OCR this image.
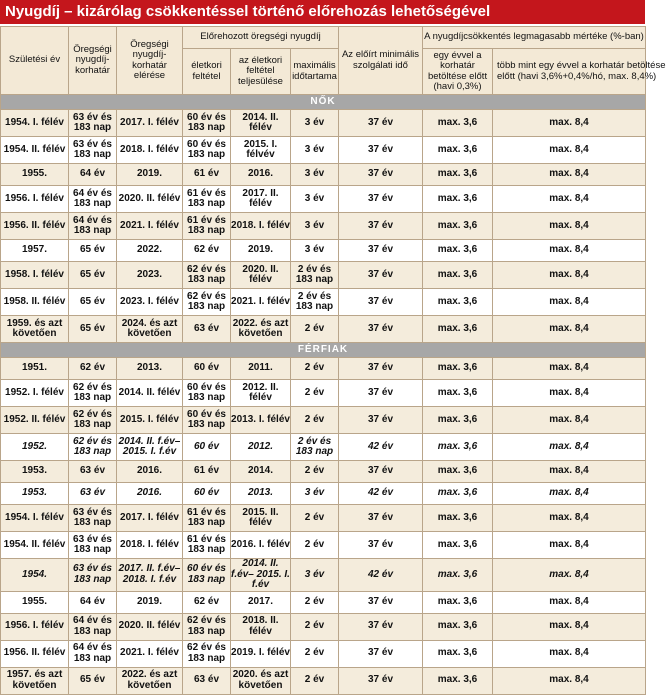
Nyugdíj – kizárólag csökkentéssel történő előrehozás lehetőségével
Születési év	Öregségi nyugdíj-korhatár	Öregségi nyugdíj-korhatár elérése	Előrehozott öregségi nyugdíj			Az előírt minimális szolgálati idő	A nyugdíjcsökkentés legmagasabb mértéke (%-ban)	
			életkori feltétel	az életkori feltétel teljesülése	maximális időtartama		egy évvel a korhatár betöltése előtt (havi 0,3%)	több mint egy évvel a korhatár betöltése előtt (havi 3,6%+0,4%/hó, max. 8,4%)

NŐK								
1954. I. félév	63 év és 183 nap	2017. I. félév	60 év és 183 nap	2014. II. félév	3 év	37 év	max. 3,6	max. 8,4
1954. II. félév	63 év és 183 nap	2018. I. félév	60 év és 183 nap	2015. I. félvév	3 év	37 év	max. 3,6	max. 8,4
1955.	64 év	2019.	61 év	2016.	3 év	37 év	max. 3,6	max. 8,4
1956. I. félév	64 év és 183 nap	2020. II. félév	61 év és 183 nap	2017. II. félév	3 év	37 év	max. 3,6	max. 8,4
1956. II. félév	64 év és 183 nap	2021. I. félév	61 év és 183 nap	2018. I. félév	3 év	37 év	max. 3,6	max. 8,4
1957.	65 év	2022.	62 év	2019.	3 év	37 év	max. 3,6	max. 8,4
1958. I. félév	65 év	2023.	62 év és 183 nap	2020. II. félév	2 év és 183 nap	37 év	max. 3,6	max. 8,4
1958. II. félév	65 év	2023. I. félév	62 év és 183 nap	2021. I. félév	2 év és 183 nap	37 év	max. 3,6	max. 8,4
1959. és azt követően	65 év	2024. és azt követően	63 év	2022. és azt követően	2 év	37 év	max. 3,6	max. 8,4
FÉRFIAK								
1951.	62 év	2013.	60 év	2011.	2 év	37 év	max. 3,6	max. 8,4
1952. I. félév	62 év és 183 nap	2014. II. félév	60 év és 183 nap	2012. II. félév	2 év	37 év	max. 3,6	max. 8,4
1952. II. félév	62 év és 183 nap	2015. I. félév	60 év és 183 nap	2013. I. félév	2 év	37 év	max. 3,6	max. 8,4
1952.	62 év és 183 nap	2014. II. f.év– 2015. I. f.év	60 év	2012.	2 év és 183 nap	42 év	max. 3,6	max. 8,4
1953.	63 év	2016.	61 év	2014.	2 év	37 év	max. 3,6	max. 8,4
1953.	63 év	2016.	60 év	2013.	3 év	42 év	max. 3,6	max. 8,4
1954. I. félév	63 év és 183 nap	2017. I. félév	61 év és 183 nap	2015. II. félév	2 év	37 év	max. 3,6	max. 8,4
1954. II. félév	63 év és 183 nap	2018. I. félév	61 év és 183 nap	2016. I. félév	2 év	37 év	max. 3,6	max. 8,4
1954.	63 év és 183 nap	2017. II. f.év– 2018. I. f.év	60 év és 183 nap	2014. II. f.év– 2015. I. f.év	3 év	42 év	max. 3,6	max. 8,4
1955.	64 év	2019.	62 év	2017.	2 év	37 év	max. 3,6	max. 8,4
1956. I. félév	64 év és 183 nap	2020. II. félév	62 év és 183 nap	2018. II. félév	2 év	37 év	max. 3,6	max. 8,4
1956. II. félév	64 év és 183 nap	2021. I. félév	62 év és 183 nap	2019. I. félév	2 év	37 év	max. 3,6	max. 8,4
1957. és azt követően	65 év	2022. és azt követően	63 év	2020. és azt követően	2 év	37 év	max. 3,6	max. 8,4
